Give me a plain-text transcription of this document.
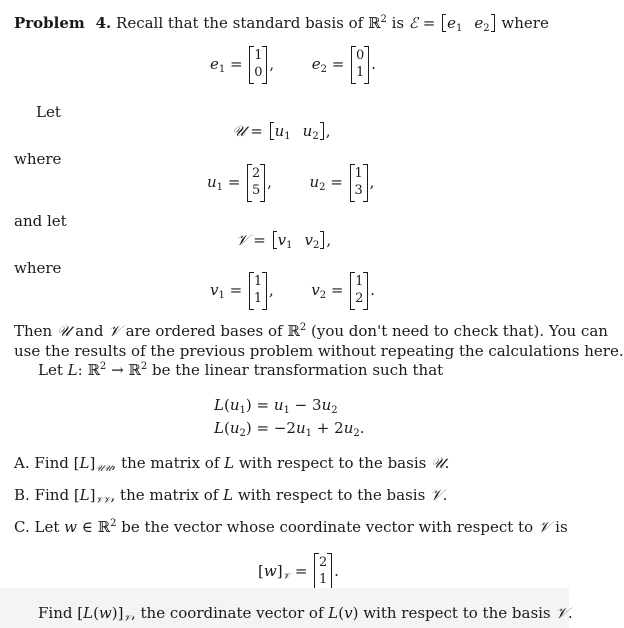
Problem 4. Recall that the standard basis of ℝ$^2$ is ℰ = $e_1$ $e_2$ where
$e_1 = 1$
0 ,  $e_2 = 0$
1 .
Let
𝒰 =
$u_1$ $u_2$ ,
where
$u_1 = 2$
5 ,  $u_2 = 1$
3 ,
and let
𝒱 =
$v_1$ $v_2$ ,
where
$v_1 = 1$
1 ,  $v_2 = 1$
2 .
Then 𝒰 and 𝒱 are ordered bases of ℝ$^2$ (you don't need to check that). You can
use the results of the previous problem without repeating the calculations here.
Let L: ℝ$^2$ → ℝ$^2$ be the linear transformation such that
$L(u_1) = u_1 - 3u_2$
$L(u_2) = -2u_1 + 2u_2$.
A. Find $[L]_{𝒰𝒰}$, the matrix of L with respect to the basis 𝒰.
B. Find $[L]_{𝒱𝒱}$, the matrix of L with respect to the basis 𝒱.
C. Let w ∈ ℝ$^2$ be the vector whose coordinate vector with respect to 𝒱 is
$[w]_𝒱 = 2$
1 .
Find $[L(w)]_𝒱$, the coordinate vector of L(v) with respect to the basis 𝒱.
